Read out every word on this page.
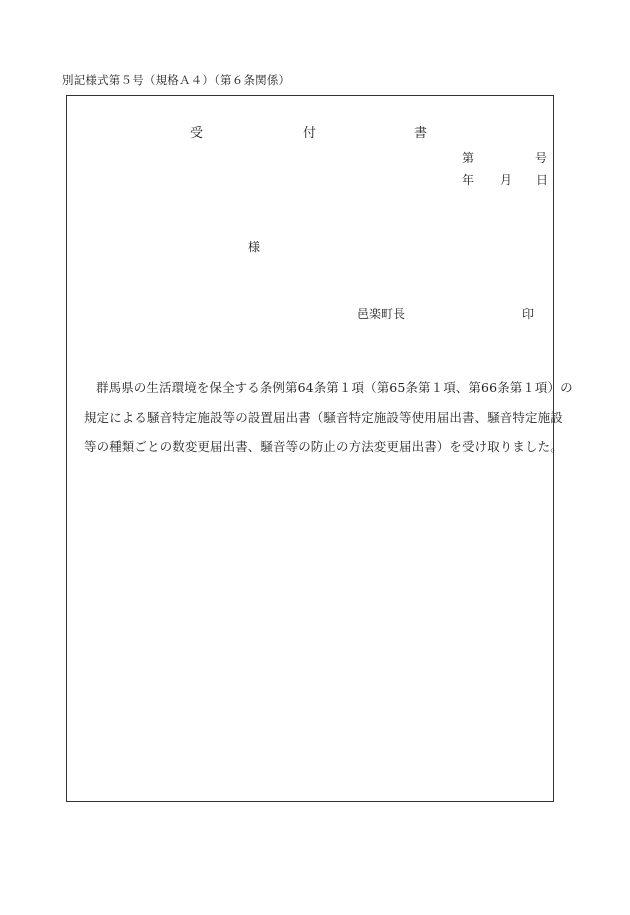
別記様式第５号（規格Ａ４）（第６条関係）
受	付	書
第	号
年 月 日
様
邑楽町長	印
群馬県の生活環境を保全する条例第64条第１項（第65条第１項、第66条第１項）の
規定による騒音特定施設等の設置届出書（騒音特定施設等使用届出書、騒音特定施設
等の種類ごとの数変更届出書、騒音等の防止の方法変更届出書）を受け取りました。
